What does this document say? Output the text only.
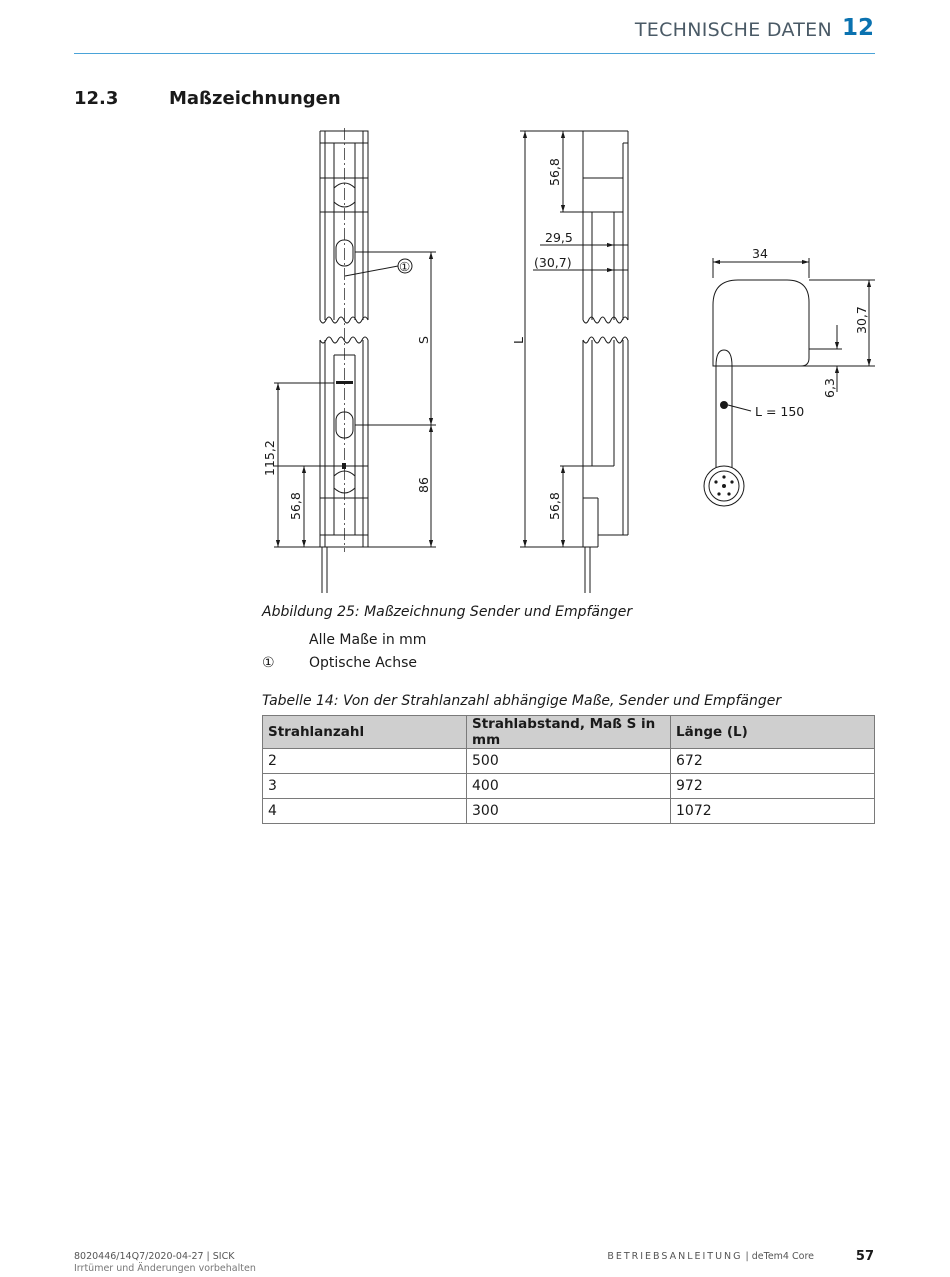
TECHNISCHE DATEN 12
12.3	Maßzeichnungen
①
S
115,2
56,8
86
L
56,8
29,5
(30,7)
56,8
34
30,7
6,3
L = 150
Abbildung 25: Maßzeichnung Sender und Empfänger
Alle Maße in mm
① Optische Achse
Tabelle 14: Von der Strahlanzahl abhängige Maße, Sender und Empfänger
Strahlanzahl	Strahlabstand, Maß S in mm	Länge (L)
2	500	672
3	400	972
4	300	1072
8020446/14Q7/2020-04-27 | SICK
Irrtümer und Änderungen vorbehalten
BETRIEBSANLEITUNG | deTem4 Core	57
